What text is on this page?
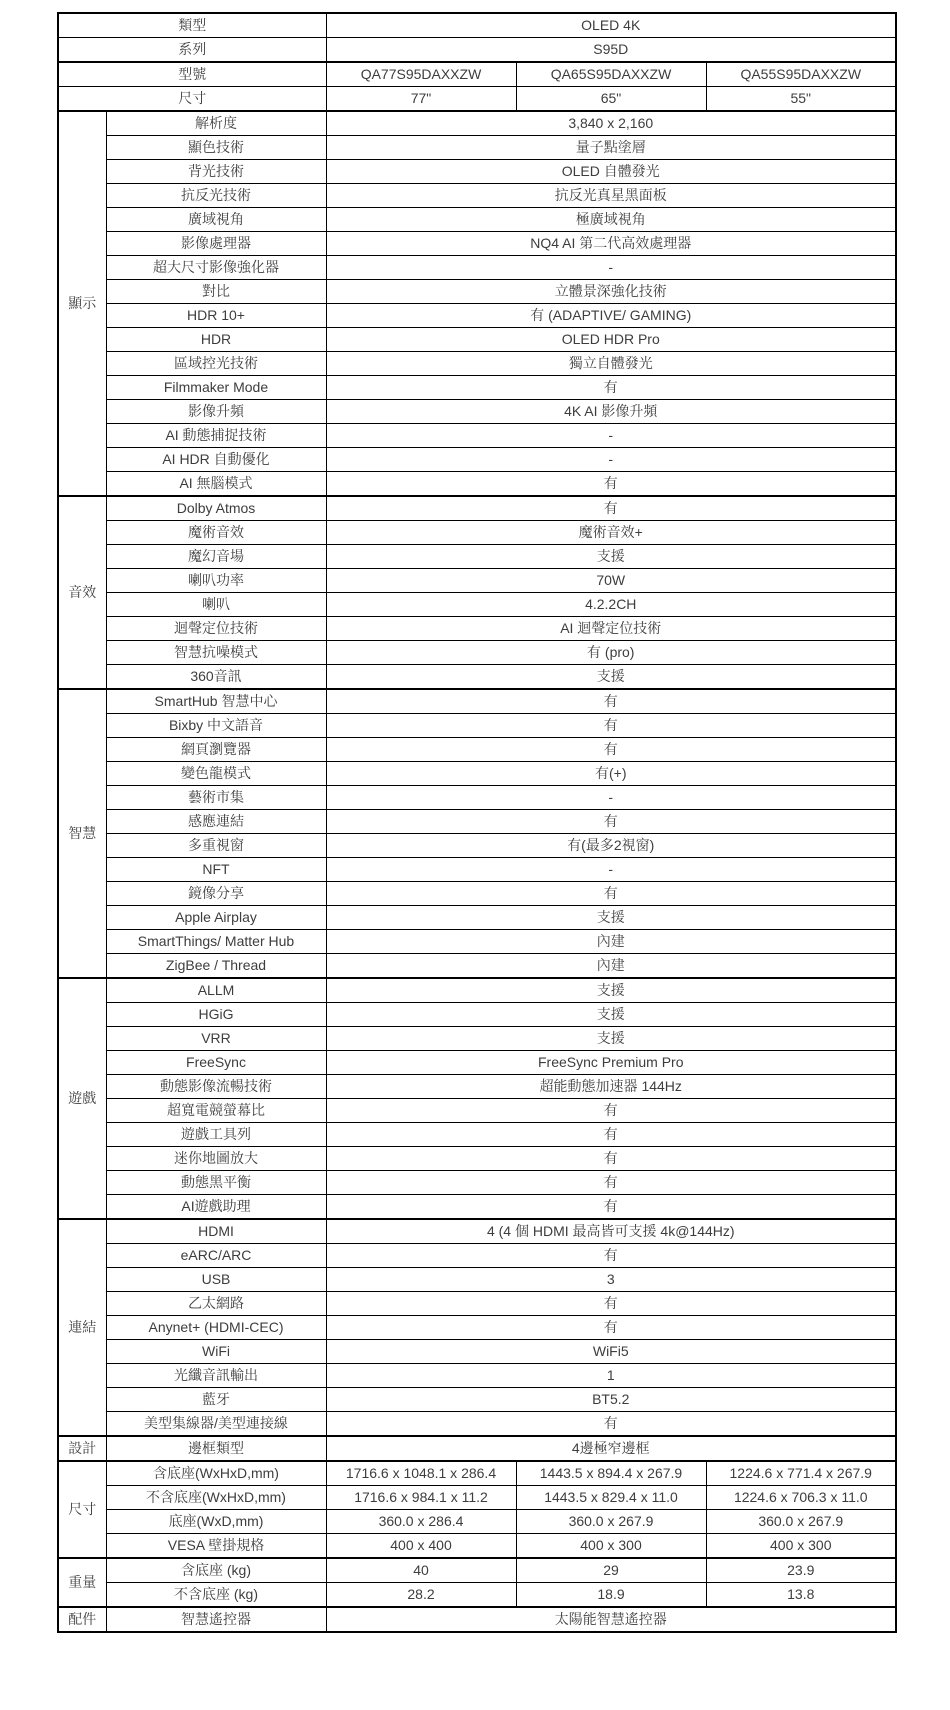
類型		OLED 4K		
系列		S95D		
型號		QA77S95DAXXZW	QA65S95DAXXZW	QA55S95DAXXZW
尺寸		77"	65"	55"
顯示	解析度	3,840 x 2,160		
	顯色技術	量子點塗層		
	背光技術	OLED 自體發光		
	抗反光技術	抗反光真星黑面板		
	廣域視角	極廣域視角		
	影像處理器	NQ4 AI 第二代高效處理器		
	超大尺寸影像強化器	-		
	對比	立體景深強化技術		
	HDR 10+	有 (ADAPTIVE/ GAMING)		
	HDR	OLED HDR Pro		
	區域控光技術	獨立自體發光		
	Filmmaker Mode	有		
	影像升頻	4K AI 影像升頻		
	AI 動態捕捉技術	-		
	AI HDR 自動優化	-		
	AI 無腦模式	有		
音效	Dolby Atmos	有		
	魔術音效	魔術音效+		
	魔幻音場	支援		
	喇叭功率	70W		
	喇叭	4.2.2CH		
	迴聲定位技術	AI 迴聲定位技術		
	智慧抗噪模式	有 (pro)		
	360音訊	支援		
智慧	SmartHub 智慧中心	有		
	Bixby 中文語音	有		
	網頁瀏覽器	有		
	變色龍模式	有(+)		
	藝術市集	-		
	感應連結	有		
	多重視窗	有(最多2視窗)		
	NFT	-		
	鏡像分享	有		
	Apple Airplay	支援		
	SmartThings/ Matter Hub	內建		
	ZigBee / Thread	內建		
遊戲	ALLM	支援		
	HGiG	支援		
	VRR	支援		
	FreeSync	FreeSync Premium Pro		
	動態影像流暢技術	超能動態加速器 144Hz		
	超寬電競螢幕比	有		
	遊戲工具列	有		
	迷你地圖放大	有		
	動態黑平衡	有		
	AI遊戲助理	有		
連結	HDMI	4 (4 個 HDMI 最高皆可支援 4k@144Hz)		
	eARC/ARC	有		
	USB	3		
	乙太網路	有		
	Anynet+ (HDMI-CEC)	有		
	WiFi	WiFi5		
	光纖音訊輸出	1		
	藍牙	BT5.2		
	美型集線器/美型連接線	有		
設計	邊框類型	4邊極窄邊框		
尺寸	含底座(WxHxD,mm)	1716.6 x 1048.1 x 286.4	1443.5 x 894.4 x 267.9	1224.6 x 771.4 x 267.9
	不含底座(WxHxD,mm)	1716.6 x 984.1 x 11.2	1443.5 x 829.4 x 11.0	1224.6 x 706.3 x 11.0
	底座(WxD,mm)	360.0 x 286.4	360.0 x 267.9	360.0 x 267.9
	VESA 壁掛規格	400 x 400	400 x 300	400 x 300
重量	含底座 (kg)	40	29	23.9
	不含底座 (kg)	28.2	18.9	13.8
配件	智慧遙控器	太陽能智慧遙控器		
